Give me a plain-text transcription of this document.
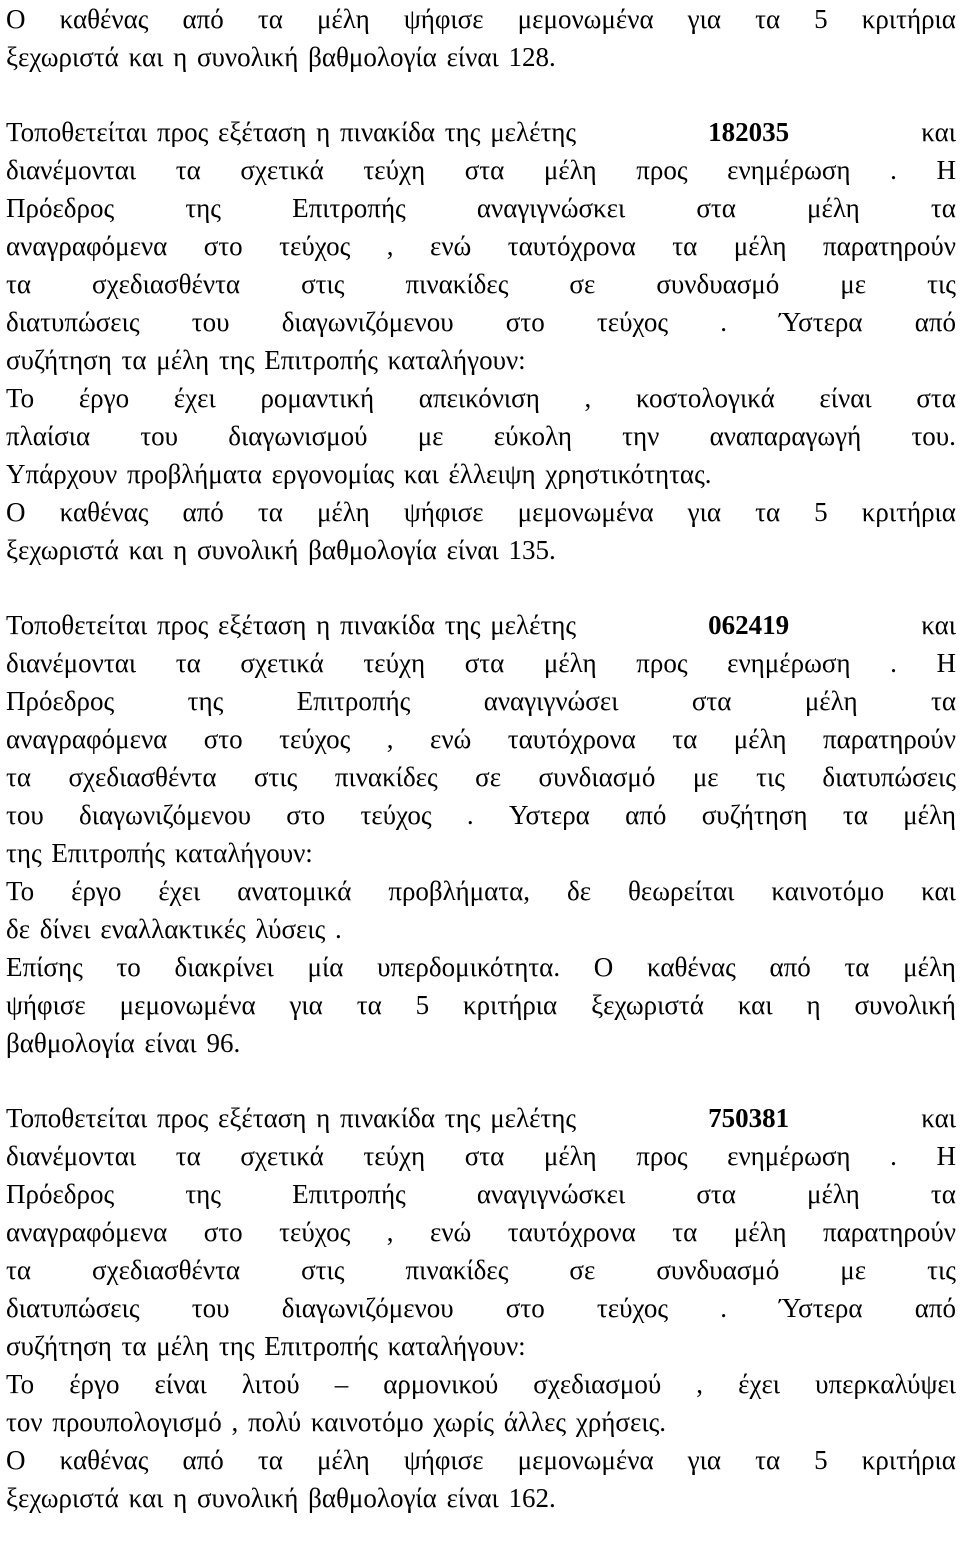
Ο καθένας από τα μέλη ψήφισε μεμονωμένα για τα 5 κριτήρια
ξεχωριστά και η συνολική βαθμολογία είναι 128.
Τοποθετείται προς εξέταση η πινακίδα της μελέτης	182035	και
διανέμονται τα σχετικά τεύχη στα μέλη προς ενημέρωση . Η
Πρόεδρος	της	Επιτροπής	αναγιγνώσκει	στα	μέλη	τα
αναγραφόμενα στο τεύχος , ενώ ταυτόχρονα τα μέλη παρατηρούν
τα σχεδιασθέντα στις πινακίδες σε συνδυασμό με τις
διατυπώσεις του διαγωνιζόμενου στο τεύχος . Ύστερα από
συζήτηση τα μέλη της Επιτροπής καταλήγουν:
Το έργο έχει ρομαντική απεικόνιση , κοστολογικά είναι στα
πλαίσια του διαγωνισμού με εύκολη την αναπαραγωγή του.
Υπάρχουν προβλήματα εργονομίας και έλλειψη χρηστικότητας.
Ο καθένας από τα μέλη ψήφισε μεμονωμένα για τα 5 κριτήρια
ξεχωριστά και η συνολική βαθμολογία είναι 135.
Τοποθετείται προς εξέταση η πινακίδα της μελέτης	062419	και
διανέμονται τα σχετικά τεύχη στα μέλη προς ενημέρωση . Η
Πρόεδρος	της	Επιτροπής	αναγιγνώσει	στα	μέλη	τα
αναγραφόμενα στο τεύχος , ενώ ταυτόχρονα τα μέλη παρατηρούν
τα σχεδιασθέντα στις πινακίδες σε συνδιασμό με τις διατυπώσεις
του διαγωνιζόμενου στο τεύχος . Υστερα από συζήτηση τα μέλη
της Επιτροπής καταλήγουν:
Το έργο έχει ανατομικά προβλήματα, δε θεωρείται καινοτόμο και
δε δίνει εναλλακτικές λύσεις .
Επίσης το διακρίνει μία υπερδομικότητα. Ο καθένας από τα μέλη
ψήφισε μεμονωμένα για τα 5 κριτήρια ξεχωριστά και η συνολική
βαθμολογία είναι 96.
Τοποθετείται προς εξέταση η πινακίδα της μελέτης	750381	και
διανέμονται τα σχετικά τεύχη στα μέλη προς ενημέρωση . Η
Πρόεδρος	της	Επιτροπής	αναγιγνώσκει	στα	μέλη	τα
αναγραφόμενα στο τεύχος , ενώ ταυτόχρονα τα μέλη παρατηρούν
τα σχεδιασθέντα στις πινακίδες σε συνδυασμό με τις
διατυπώσεις του διαγωνιζόμενου στο τεύχος . Ύστερα από
συζήτηση τα μέλη της Επιτροπής καταλήγουν:
Το έργο είναι λιτού – αρμονικού σχεδιασμού , έχει υπερκαλύψει
τον προυπολογισμό , πολύ καινοτόμο χωρίς άλλες χρήσεις.
Ο καθένας από τα μέλη ψήφισε μεμονωμένα για τα 5 κριτήρια
ξεχωριστά και η συνολική βαθμολογία είναι 162.
